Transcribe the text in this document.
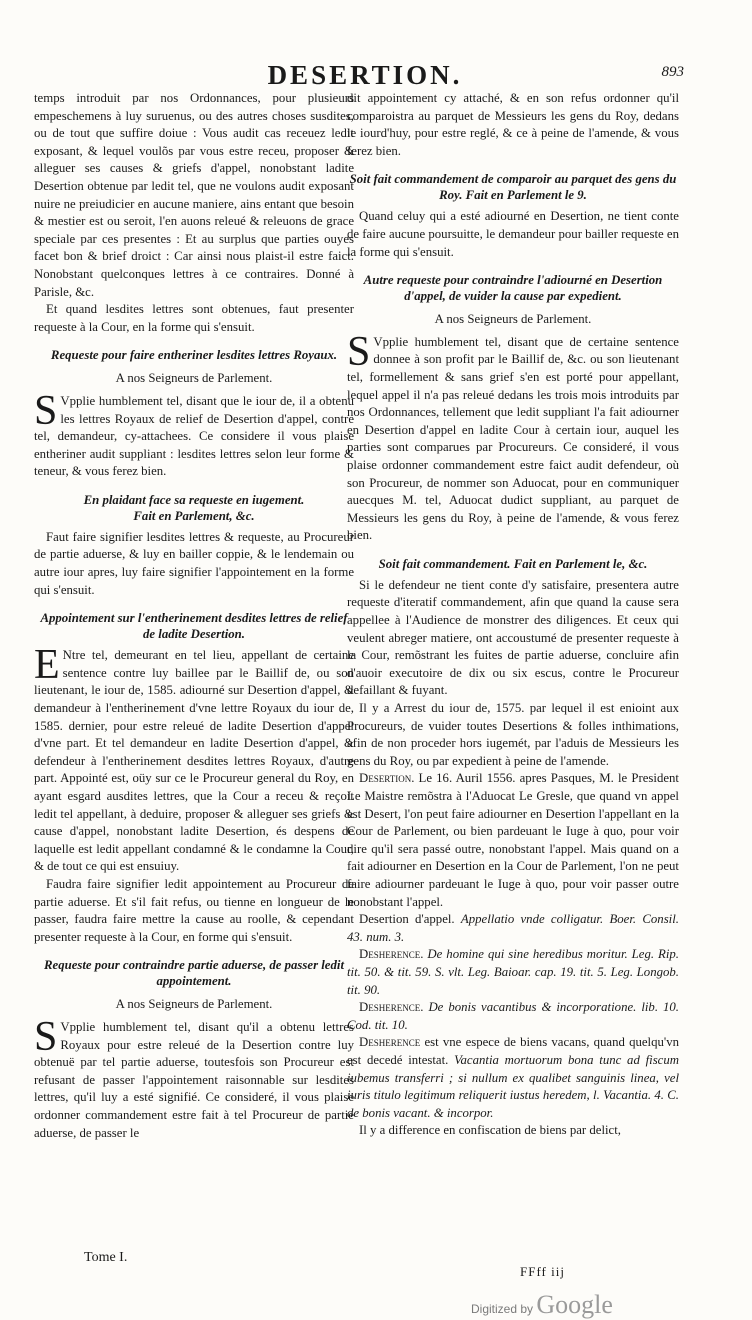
DESERTION.	893

temps introduit par nos Ordonnances, pour plusieurs empeschemens à luy suruenus, ou des autres choses susdites, ou de tout que suffire doiue : Vous audit cas receuez ledit exposant, & lequel voulõs par vous estre receu, proposer & alleguer ses causes & griefs d'appel, nonobstant ladite Desertion obtenue par ledit tel, que ne voulons audit exposant nuire ne preiudicier en aucune maniere, ains entant que besoin & mestier est ou seroit, l'en auons releué & releuons de grace speciale par ces presentes : Et au surplus que parties ouyes facet bon & brief droict : Car ainsi nous plaist-il estre faict. Nonobstant quelconques lettres à ce contraires. Donné à Parisle, &c.

Et quand lesdites lettres sont obtenues, faut presenter requeste à la Cour, en la forme qui s'ensuit.

Requeste pour faire entheriner lesdites lettres Royaux.
A nos Seigneurs de Parlement.

SVpplie humblement tel, disant que le iour de, il a obtenu les lettres Royaux de relief de Desertion d'appel, contre tel, demandeur, cy-attachees. Ce considere il vous plaise entheriner audit suppliant : lesdites lettres selon leur forme & teneur, & vous ferez bien.

En plaidant face sa requeste en iugement.
Fait en Parlement, &c.

Faut faire signifier lesdites lettres & requeste, au Procureur de partie aduerse, & luy en bailler coppie, & le lendemain ou autre iour apres, luy faire signifier l'appointement en la forme qui s'ensuit.

Appointement sur l'entherinement desdites lettres de relief de ladite Desertion.

ENtre tel, demeurant en tel lieu, appellant de certaine sentence contre luy baillee par le Baillif de, ou son lieutenant, le iour de, 1585. adiourné sur Desertion d'appel, & demandeur à l'entherinement d'vne lettre Royaux du iour de, 1585. dernier, pour estre releué de ladite Desertion d'appel d'vne part. Et tel demandeur en ladite Desertion d'appel, & defendeur à l'entherinement desdites lettres Royaux, d'autre part. Appointé est, oüy sur ce le Procureur general du Roy, en ayant esgard ausdites lettres, que la Cour a receu & reçoit ledit tel appellant, à deduire, proposer & alleguer ses griefs & cause d'appel, nonobstant ladite Desertion, és despens de laquelle est ledit appellant condamné & le condamne la Cour, & de tout ce qui est ensuiuy.

Faudra faire signifier ledit appointement au Procureur de partie aduerse. Et s'il fait refus, ou tienne en longueur de le passer, faudra faire mettre la cause au roolle, & cependant presenter requeste à la Cour, en forme qui s'ensuit.

Requeste pour contraindre partie aduerse, de passer ledit appointement.
A nos Seigneurs de Parlement.

SVpplie humblement tel, disant qu'il a obtenu lettres Royaux pour estre releué de la Desertion contre luy obtenuë par tel partie aduerse, toutesfois son Procureur est refusant de passer l'appointement raisonnable sur lesdites lettres, qu'il luy a esté signifié. Ce consideré, il vous plaise ordonner commandement estre fait à tel Procureur de partie aduerse, de passer le

dit appointement cy attaché, & en son refus ordonner qu'il comparoistra au parquet de Messieurs les gens du Roy, dedans le iourd'huy, pour estre reglé, & ce à peine de l'amende, & vous ferez bien.

Soit fait commandement de comparoir au parquet des gens du Roy. Fait en Parlement le 9.

Quand celuy qui a esté adiourné en Desertion, ne tient conte de faire aucune poursuitte, le demandeur pour bailler requeste en la forme qui s'ensuit.

Autre requeste pour contraindre l'adiourné en Desertion d'appel, de vuider la cause par expedient.
A nos Seigneurs de Parlement.

SVpplie humblement tel, disant que de certaine sentence donnee à son profit par le Baillif de, &c. ou son lieutenant tel, formellement & sans grief s'en est porté pour appellant, lequel appel il n'a pas releué dedans les trois mois introduits par nos Ordonnances, tellement que ledit suppliant l'a fait adiourner en Desertion d'appel en ladite Cour à certain iour, auquel les parties sont comparues par Procureurs. Ce consideré, il vous plaise ordonner commandement estre faict audit defendeur, où son Procureur, de nommer son Aduocat, pour en communiquer auecques M. tel, Aduocat dudict suppliant, au parquet de Messieurs les gens du Roy, à peine de l'amende, & vous ferez bien.

Soit fait commandement. Fait en Parlement le, &c.

Si le defendeur ne tient conte d'y satisfaire, presentera autre requeste d'iteratif commandement, afin que quand la cause sera appellee à l'Audience de monstrer des diligences. Et ceux qui veulent abreger matiere, ont accoustumé de presenter requeste à la Cour, remõstrant les fuites de partie aduerse, concluire afin d'auoir executoire de dix ou six escus, contre le Procureur defaillant & fuyant.

Il y a Arrest du iour de, 1575. par lequel il est enioint aux Procureurs, de vuider toutes Desertions & folles inthimations, afin de non proceder hors iugemét, par l'aduis de Messieurs les gens du Roy, ou par expedient à peine de l'amende.

Desertion. Le 16. Auril 1556. apres Pasques, M. le President Le Maistre remõstra à l'Aduocat Le Gresle, que quand vn appel est Desert, l'on peut faire adiourner en Desertion l'appellant en la Cour de Parlement, ou bien pardeuant le Iuge à quo, pour voir dire qu'il sera passé outre, nonobstant l'appel. Mais quand on a fait adiourner en Desertion en la Cour de Parlement, l'on ne peut faire adiourner pardeuant le Iuge à quo, pour voir passer outre nonobstant l'appel.

Desertion d'appel. Appellatio vnde colligatur. Boer. Consil. 43. num. 3.

Desherence. De homine qui sine heredibus moritur. Leg. Rip. tit. 50. & tit. 59. S. vlt. Leg. Baioar. cap. 19. tit. 5. Leg. Longob. tit. 90.

Desherence. De bonis vacantibus & incorporatione. lib. 10. Cod. tit. 10.

Desherence est vne espece de biens vacans, quand quelqu'vn est decedé intestat. Vacantia mortuorum bona tunc ad fiscum iubemus transferri ; si nullum ex qualibet sanguinis linea, vel iuris titulo legitimum reliquerit iustus heredem, l. Vacantia. 4. C. de bonis vacant. & incorpor.

Il y a difference en confiscation de biens par delict,

Tome I.
FFff iij
Digitized by Google
